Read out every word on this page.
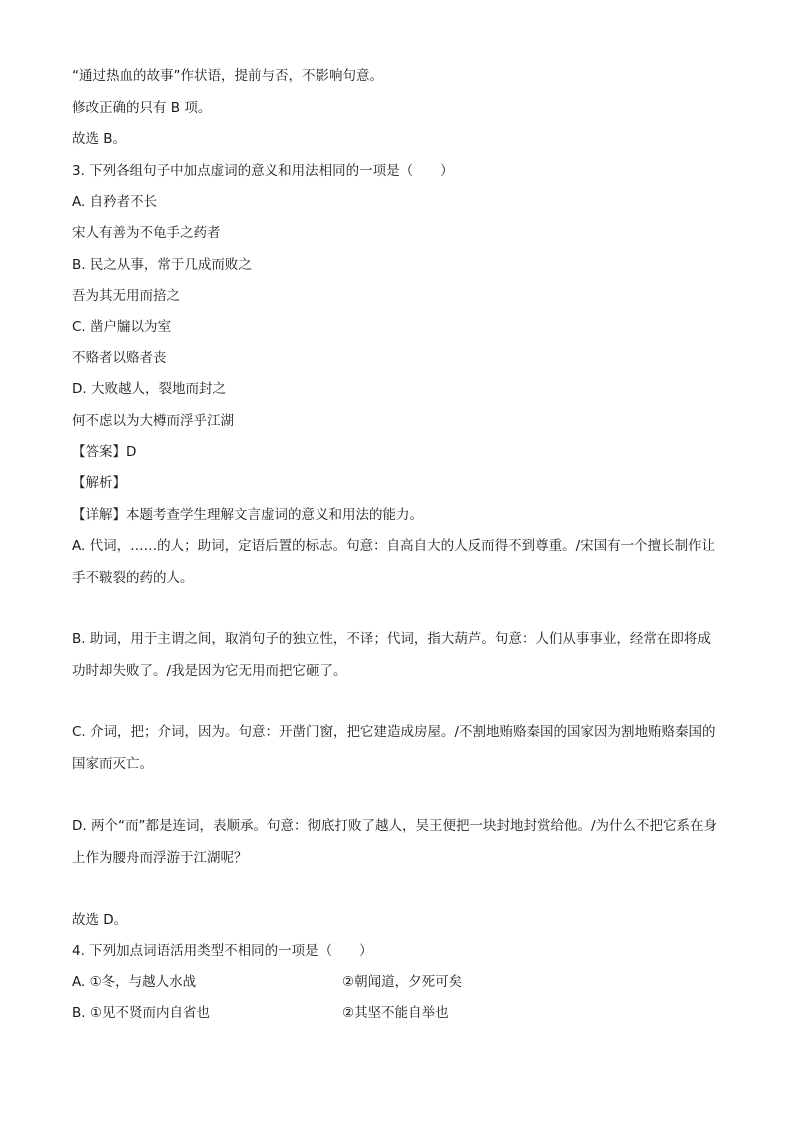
“通过热血的故事”作状语，提前与否，不影响句意。
修改正确的只有 B 项。
故选 B。
3. 下列各组句子中加点虚词的意义和用法相同的一项是（　　）
A. 自矜者不长
宋人有善为不龟手之药者
B. 民之从事，常于几成而败之
吾为其无用而掊之
C. 凿户牖以为室
不赂者以赂者丧
D. 大败越人，裂地而封之
何不虑以为大樽而浮乎江湖
【答案】D
【解析】
【详解】本题考查学生理解文言虚词的意义和用法的能力。
A. 代词，……的人；助词，定语后置的标志。句意：自高自大的人反而得不到尊重。/宋国有一个擅长制作让手不皲裂的药的人。
B. 助词，用于主谓之间，取消句子的独立性，不译；代词，指大葫芦。句意：人们从事事业，经常在即将成功时却失败了。/我是因为它无用而把它砸了。
C. 介词，把；介词，因为。句意：开凿门窗，把它建造成房屋。/不割地贿赂秦国的国家因为割地贿赂秦国的国家而灭亡。
D. 两个“而”都是连词，表顺承。句意：彻底打败了越人，吴王便把一块封地封赏给他。/为什么不把它系在身上作为腰舟而浮游于江湖呢？
故选 D。
4. 下列加点词语活用类型不相同的一项是（　　）
A. ①冬，与越人水战	②朝闻道，夕死可矣
B. ①见不贤而内自省也	②其坚不能自举也
